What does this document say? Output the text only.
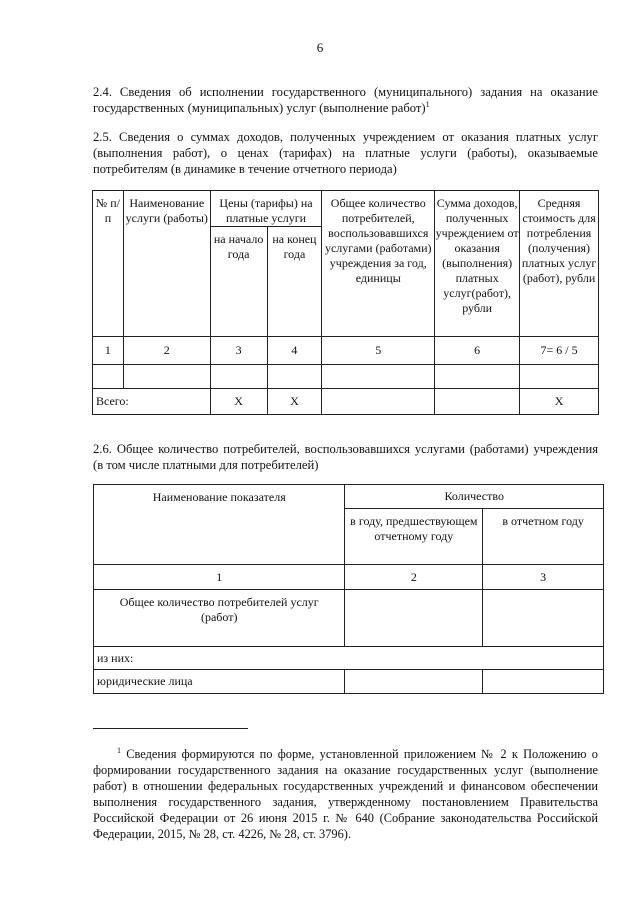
6
2.4. Сведения об исполнении государственного (муниципального) задания на оказание государственных (муниципальных) услуг (выполнение работ)$^1$
2.5. Сведения о суммах доходов, полученных учреждением от оказания платных услуг (выполнения работ), о ценах (тарифах) на платные услуги (работы), оказываемые потребителям (в динамике в течение отчетного периода)
№ п/п	Наименование услуги (работы)	Цены (тарифы) на платные услуги		Общее количество потребителей, воспользовавшихся услугами (работами) учреждения за год, единицы	Сумма доходов, полученных учреждением от оказания (выполнения) платных услуг(работ), рубли	Средняя стоимость для потребления (получения) платных услуг (работ), рубли
		на начало года	на конец года			
1	2	3	4	5	6	7= 6 / 5

Всего:		Х	Х			Х
2.6. Общее количество потребителей, воспользовавшихся услугами (работами) учреждения (в том числе платными для потребителей)
Наименование показателя	Количество	
	в году, предшествующем отчетному году	в отчетном году
1	2	3
Общее количество потребителей услуг (работ)		
из них:		
юридические лица		
$^1$ Сведения формируются по форме, установленной приложением № 2 к Положению о формировании государственного задания на оказание государственных услуг (выполнение работ) в отношении федеральных государственных учреждений и финансовом обеспечении выполнения государственного задания, утвержденному постановлением Правительства Российской Федерации от 26 июня 2015 г. № 640 (Собрание законодательства Российской Федерации, 2015, № 28, ст. 4226, № 28, ст. 3796).
